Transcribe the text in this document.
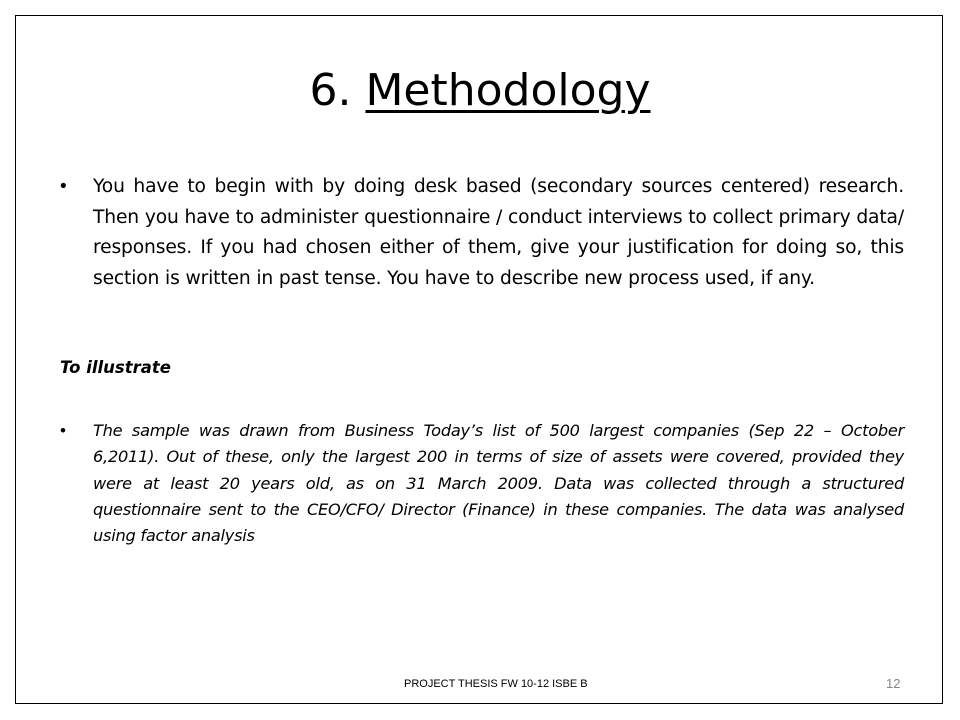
6. Methodology
• You have to begin with by doing desk based (secondary sources centered) research. Then you have to administer questionnaire / conduct interviews to collect primary data/ responses. If you had chosen either of them, give your justification for doing so, this section is written in past tense. You have to describe new process used, if any.
To illustrate
• The sample was drawn from Business Today’s list of 500 largest companies (Sep 22 – October 6,2011). Out of these, only the largest 200 in terms of size of assets were covered, provided they were at least 20 years old, as on 31 March 2009. Data was collected through a structured questionnaire sent to the CEO/CFO/ Director (Finance) in these companies. The data was analysed using factor analysis
PROJECT THESIS FW 10-12 ISBE B	12
